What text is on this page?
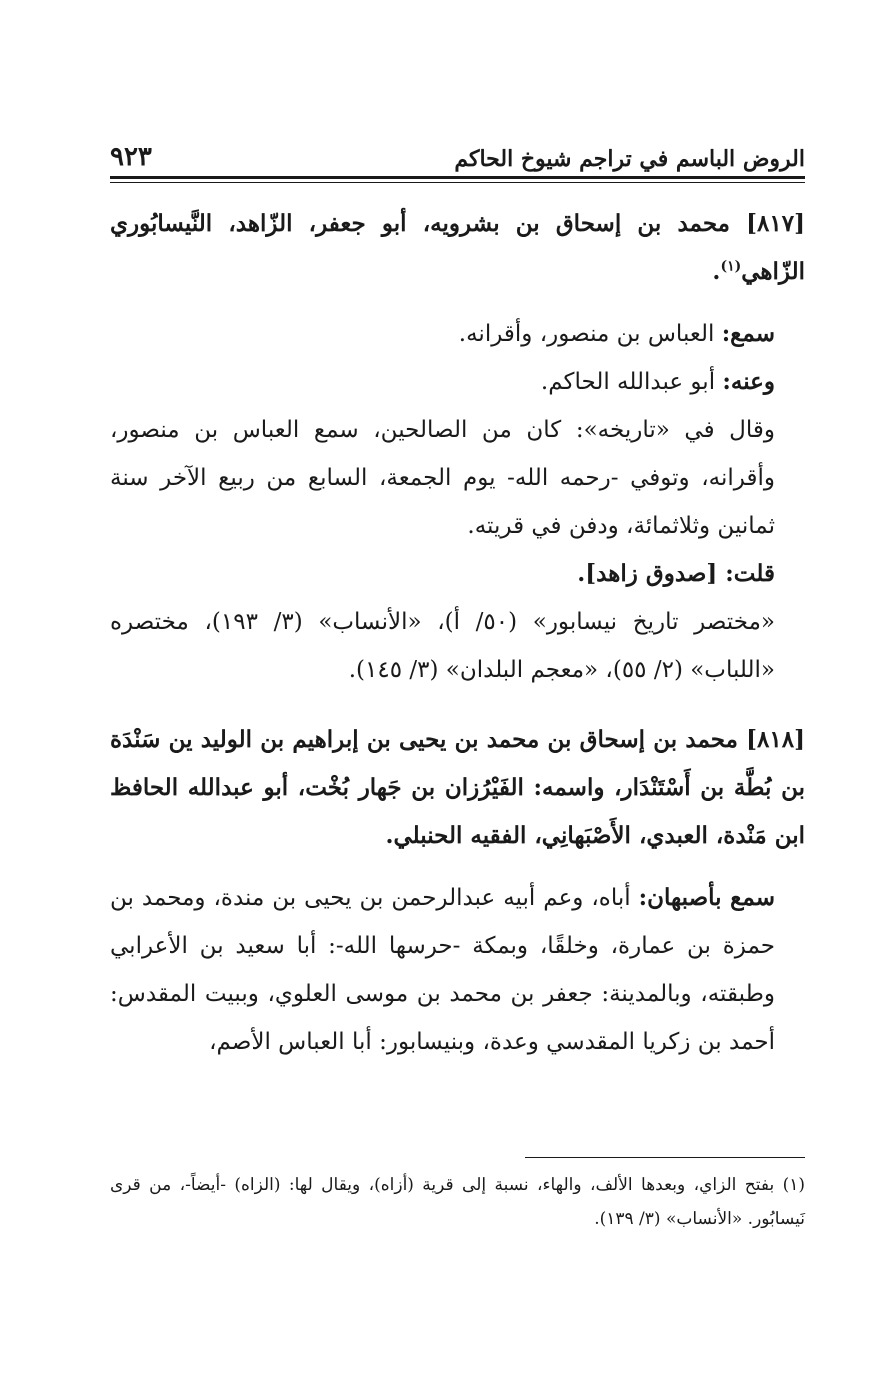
الروض الباسم في تراجم شيوخ الحاكم
٩٢٣

[٨١٧] محمد بن إسحاق بن بشرويه، أبو جعفر، الزّاهد، النَّيسابُوري الزّاهي$^{(١)}$.

سمع: العباس بن منصور، وأقرانه.

وعنه: أبو عبدالله الحاكم.

وقال في «تاريخه»: كان من الصالحين، سمع العباس بن منصور، وأقرانه، وتوفي -رحمه الله- يوم الجمعة، السابع من ربيع الآخر سنة ثمانين وثلاثمائة، ودفن في قريته.

قلت: [صدوق زاهد].

«مختصر تاريخ نيسابور» (٥٠/ أ)، «الأنساب» (٣/ ١٩٣)، مختصره «اللباب» (٢/ ٥٥)، «معجم البلدان» (٣/ ١٤٥).

[٨١٨] محمد بن إسحاق بن محمد بن يحيى بن إبراهيم بن الوليد ين سَنْدَة بن بُطَّة بن أَسْتَنْدَار، واسمه: الفَيْرُزان بن جَهار بُخْت، أبو عبدالله الحافظ ابن مَنْدة، العبدي، الأَصْبَهانِي، الفقيه الحنبلي.

سمع بأصبهان: أباه، وعم أبيه عبدالرحمن بن يحيى بن مندة، ومحمد بن حمزة بن عمارة، وخلقًا، وبمكة -حرسها الله-: أبا سعيد بن الأعرابي وطبقته، وبالمدينة: جعفر بن محمد بن موسى العلوي، وببيت المقدس: أحمد بن زكريا المقدسي وعدة، وبنيسابور: أبا العباس الأصم،

(١) بفتح الزاي، وبعدها الألف، والهاء، نسبة إلى قرية (أزاه)، ويقال لها: (الزاه) -أيضاً-، من قرى نَيسابُور. «الأنساب» (٣/ ١٣٩).
